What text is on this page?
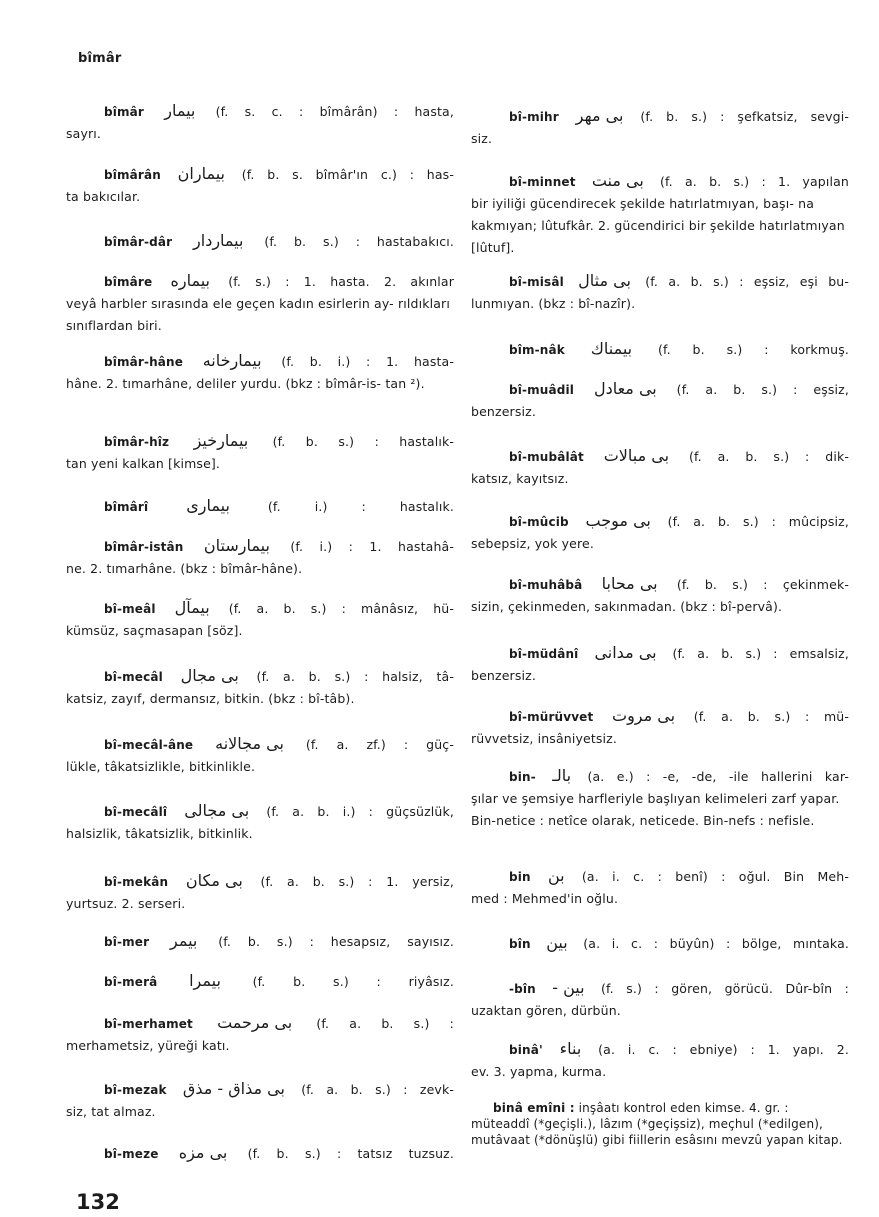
bîmâr
bîmâr بیمار (f. s. c. : bîmârân) : hasta,
sayrı.
bîmârân بیماران (f. b. s. bîmâr'ın c.) : has-
ta bakıcılar.
bîmâr-dâr بیماردار (f. b. s.) : hastabakıcı.
bîmâre بیماره (f. s.) : 1. hasta. 2. akınlar
veyâ harbler sırasında ele geçen kadın esirlerin ay- rıldıkları sınıflardan biri.
bîmâr-hâne بیمارخانه (f. b. i.) : 1. hasta-
hâne. 2. tımarhâne, deliler yurdu. (bkz : bîmâr-is- tan ²).
bîmâr-hîz بیمارخیز (f. b. s.) : hastalık-
tan yeni kalkan [kimse].
bîmârî بیماری	(f. i.) : hastalık.
bîmâr-istân بیمارستان (f. i.) : 1. hastahâ-
ne. 2. tımarhâne. (bkz : bîmâr-hâne).
bî-meâl بیمآل (f. a. b. s.) : mânâsız, hü-
kümsüz, saçmasapan [söz].
bî-mecâl بی مجال (f. a. b. s.) : halsiz, tâ-
katsiz, zayıf, dermansız, bitkin. (bkz : bî-tâb).
bî-mecâl-âne بی مجالانه (f. a. zf.) : güç-
lükle, tâkatsizlikle, bitkinlikle.
bî-mecâlî بی مجالی (f. a. b. i.) : güçsüzlük,
halsizlik, tâkatsizlik, bitkinlik.
bî-mekân بی مکان (f. a. b. s.) : 1. yersiz,
yurtsuz. 2. serseri.
bî-mer بیمر (f. b. s.) : hesapsız, sayısız.
bî-merâ بیمرا	(f. b. s.) : riyâsız.
bî-merhamet بی مرحمت (f. a. b. s.) :
merhametsiz, yüreği katı.
bî-mezak بی مذاق - مذق (f. a. b. s.) : zevk-
siz, tat almaz.
bî-meze بی مزه (f. b. s.) : tatsız tuzsuz.
bî-mihr بی مهر (f. b. s.) : şefkatsiz, sevgi-
siz.
bî-minnet بی منت (f. a. b. s.) : 1. yapılan
bir iyiliği gücendirecek şekilde hatırlatmıyan, başı- na kakmıyan; lûtufkâr. 2. gücendirici bir şekilde hatırlatmıyan [lûtuf].
bî-misâl بی مثال (f. a. b. s.) : eşsiz, eşi bu-
lunmıyan. (bkz : bî-nazîr).
bîm-nâk بیمناك (f. b. s.) : korkmuş.
bî-muâdil بی معادل (f. a. b. s.) : eşsiz,
benzersiz.
bî-mubâlât بی مبالات (f. a. b. s.) : dik-
katsız, kayıtsız.
bî-mûcib بی موجب (f. a. b. s.) : mûcipsiz,
sebepsiz, yok yere.
bî-muhâbâ بی محابا (f. b. s.) : çekinmek-
sizin, çekinmeden, sakınmadan. (bkz : bî-pervâ).
bî-müdânî بی مدانی (f. a. b. s.) : emsalsiz,
benzersiz.
bî-mürüvvet بی مروت (f. a. b. s.) : mü-
rüvvetsiz, insâniyetsiz.
bin- بالـ (a. e.) : -e, -de, -ile hallerini kar-
şılar ve şemsiye harfleriyle başlıyan kelimeleri zarf yapar. Bin-netice : netîce olarak, neticede. Bin-nefs : nefisle.
bin بن (a. i. c. : benî) : oğul. Bin Meh-
med : Mehmed'in oğlu.
bîn بين (a. i. c. : büyûn) : bölge, mıntaka.
-bîn بين - (f. s.) : gören, görücü. Dûr-bîn :
uzaktan gören, dürbün.
binâ' بناء (a. i. c. : ebniye) : 1. yapı. 2.
ev. 3. yapma, kurma.
binâ emîni : inşâatı kontrol eden kimse. 4. gr. : müteaddî (*geçişli.), lâzım (*geçişsiz), meçhul (*edilgen), mutâvaat (*dönüşlü) gibi fiillerin esâsını mevzû yapan kitap.
132
